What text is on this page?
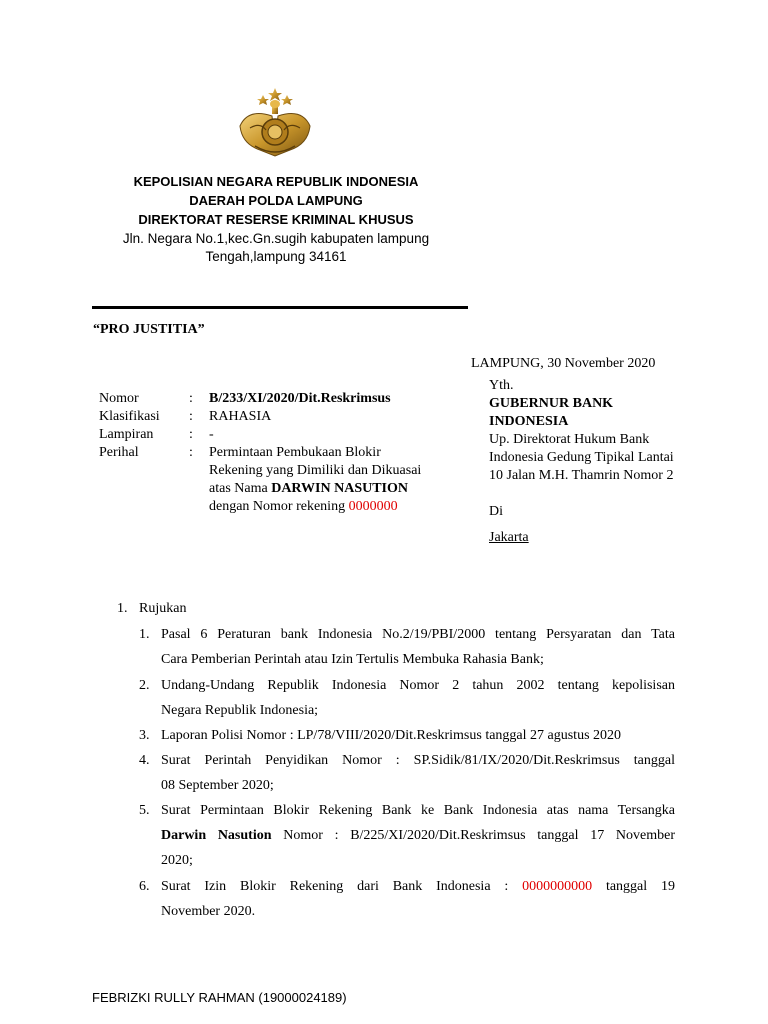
KEPOLISIAN NEGARA REPUBLIK INDONESIA
DAERAH POLDA LAMPUNG
DIREKTORAT RESERSE KRIMINAL KHUSUS
Jln. Negara No.1,kec.Gn.sugih kabupaten lampung
Tengah,lampung 34161
“PRO JUSTITIA”
LAMPUNG, 30 November 2020
Nomor	: B/233/XI/2020/Dit.Reskrimsus
Klasifikasi : RAHASIA
Lampiran	: -
Perihal	: Permintaan Pembukaan Blokir
Rekening yang Dimiliki dan Dikuasai
atas Nama DARWIN NASUTION
dengan Nomor rekening 0000000
Yth.
GUBERNUR BANK
INDONESIA
Up. Direktorat Hukum Bank
Indonesia Gedung Tipikal Lantai
10 Jalan M.H. Thamrin Nomor 2
Di
Jakarta
1. Rujukan
1. Pasal 6 Peraturan bank Indonesia No.2/19/PBI/2000 tentang Persyaratan dan Tata
Cara Pemberian Perintah atau Izin Tertulis Membuka Rahasia Bank;
2. Undang-Undang Republik Indonesia Nomor 2 tahun 2002 tentang kepolisisan
Negara Republik Indonesia;
3. Laporan Polisi Nomor : LP/78/VIII/2020/Dit.Reskrimsus tanggal 27 agustus 2020
4. Surat Perintah Penyidikan Nomor : SP.Sidik/81/IX/2020/Dit.Reskrimsus tanggal
08 September 2020;
5. Surat Permintaan Blokir Rekening Bank ke Bank Indonesia atas nama Tersangka
Darwin Nasution Nomor : B/225/XI/2020/Dit.Reskrimsus tanggal 17 November
2020;
6. Surat Izin Blokir Rekening dari Bank Indonesia : 0000000000 tanggal 19
November 2020.
FEBRIZKI RULLY RAHMAN (19000024189)
